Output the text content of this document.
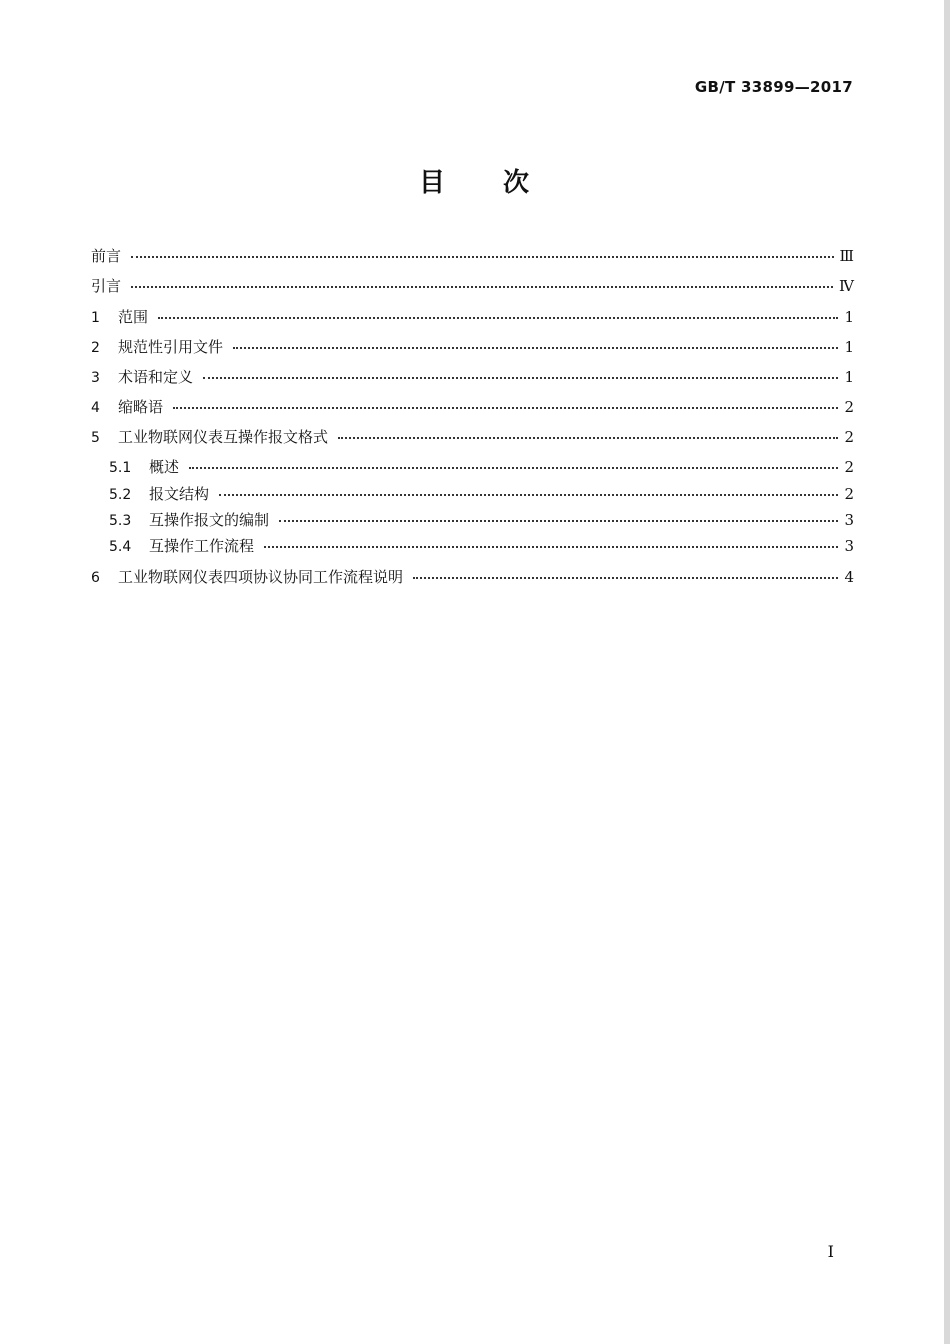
GB/T 33899—2017
目　　次
前言	Ⅲ
引言	Ⅳ
1	范围	1
2	规范性引用文件	1
3	术语和定义	1
4	缩略语	2
5	工业物联网仪表互操作报文格式	2
5.1	概述	2
5.2	报文结构	2
5.3	互操作报文的编制	3
5.4	互操作工作流程	3
6	工业物联网仪表四项协议协同工作流程说明	4
Ⅰ
